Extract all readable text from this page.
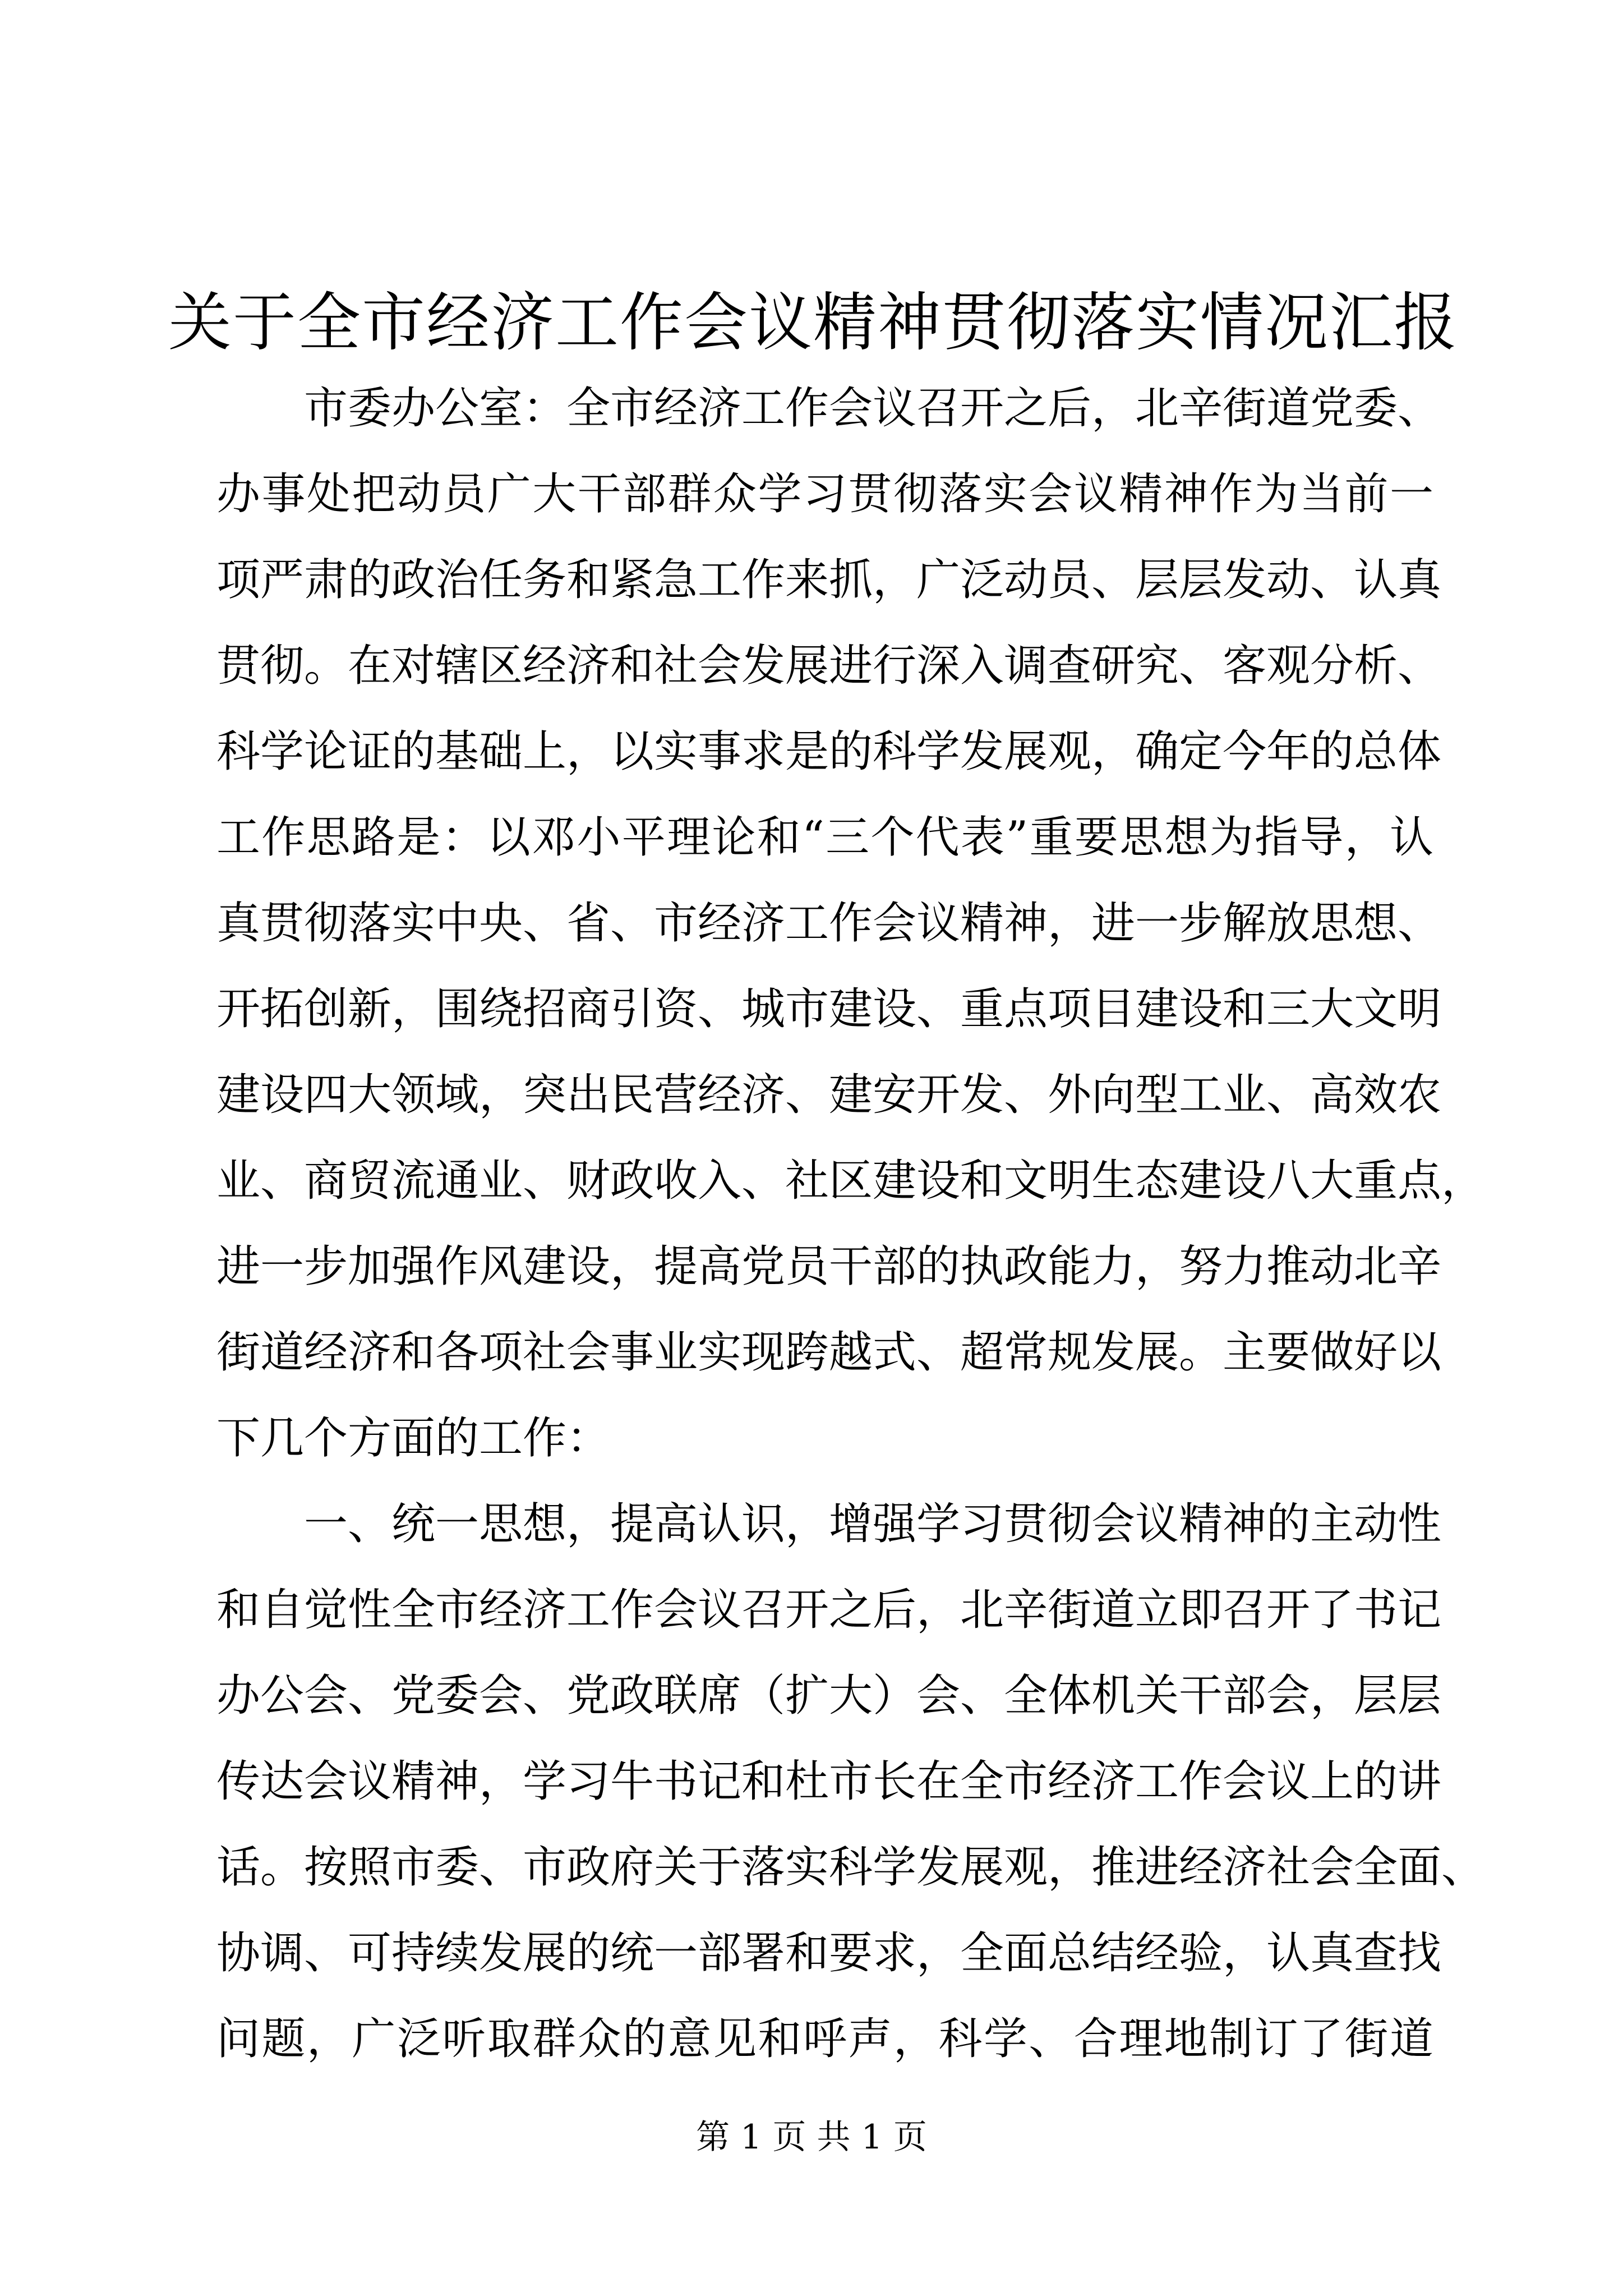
关于全市经济工作会议精神贯彻落实情况汇报
市委办公室：全市经济工作会议召开之后，北辛街道党委、
办事处把动员广大干部群众学习贯彻落实会议精神作为当前一
项严肃的政治任务和紧急工作来抓，广泛动员、层层发动、认真
贯彻。在对辖区经济和社会发展进行深入调查研究、客观分析、
科学论证的基础上，以实事求是的科学发展观，确定今年的总体
工作思路是：以邓小平理论和“三个代表”重要思想为指导，认
真贯彻落实中央、省、市经济工作会议精神，进一步解放思想、
开拓创新，围绕招商引资、城市建设、重点项目建设和三大文明
建设四大领域，突出民营经济、建安开发、外向型工业、高效农
业、商贸流通业、财政收入、社区建设和文明生态建设八大重点，
进一步加强作风建设，提高党员干部的执政能力，努力推动北辛
街道经济和各项社会事业实现跨越式、超常规发展。主要做好以
下几个方面的工作：
一、统一思想，提高认识，增强学习贯彻会议精神的主动性
和自觉性全市经济工作会议召开之后，北辛街道立即召开了书记
办公会、党委会、党政联席（扩大）会、全体机关干部会，层层
传达会议精神，学习牛书记和杜市长在全市经济工作会议上的讲
话。按照市委、市政府关于落实科学发展观，推进经济社会全面、
协调、可持续发展的统一部署和要求，全面总结经验，认真查找
问题，广泛听取群众的意见和呼声，科学、合理地制订了街道
第 1 页 共 1 页
